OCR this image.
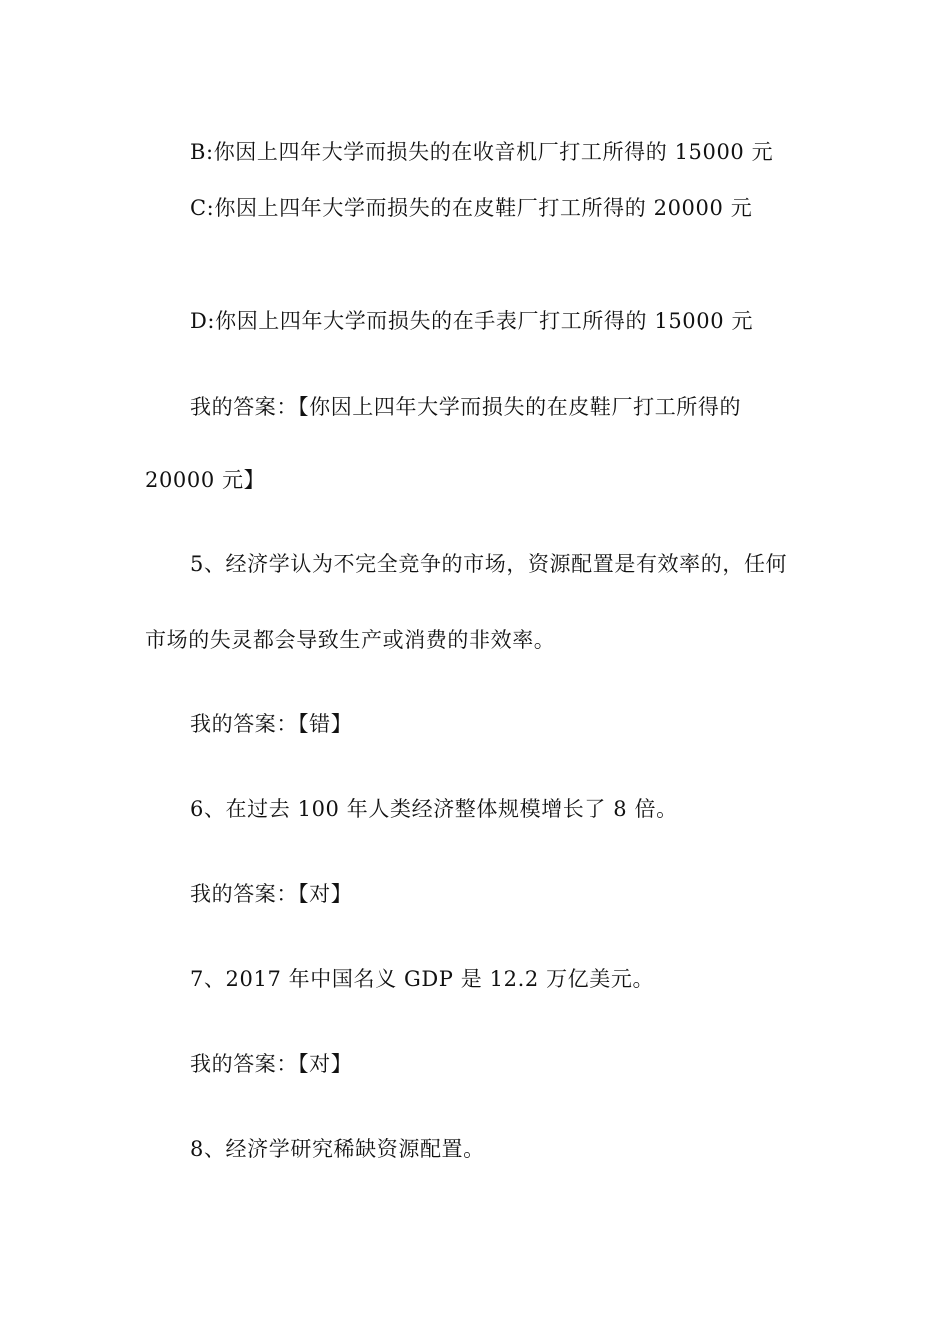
B:你因上四年大学而损失的在收音机厂打工所得的 15000 元
C:你因上四年大学而损失的在皮鞋厂打工所得的 20000 元
D:你因上四年大学而损失的在手表厂打工所得的 15000 元
我的答案：【你因上四年大学而损失的在皮鞋厂打工所得的
20000 元】
5、经济学认为不完全竞争的市场，资源配置是有效率的，任何
市场的失灵都会导致生产或消费的非效率。
我的答案：【错】
6、在过去 100 年人类经济整体规模增长了 8 倍。
我的答案：【对】
7、2017 年中国名义 GDP 是 12.2 万亿美元。
我的答案：【对】
8、经济学研究稀缺资源配置。
